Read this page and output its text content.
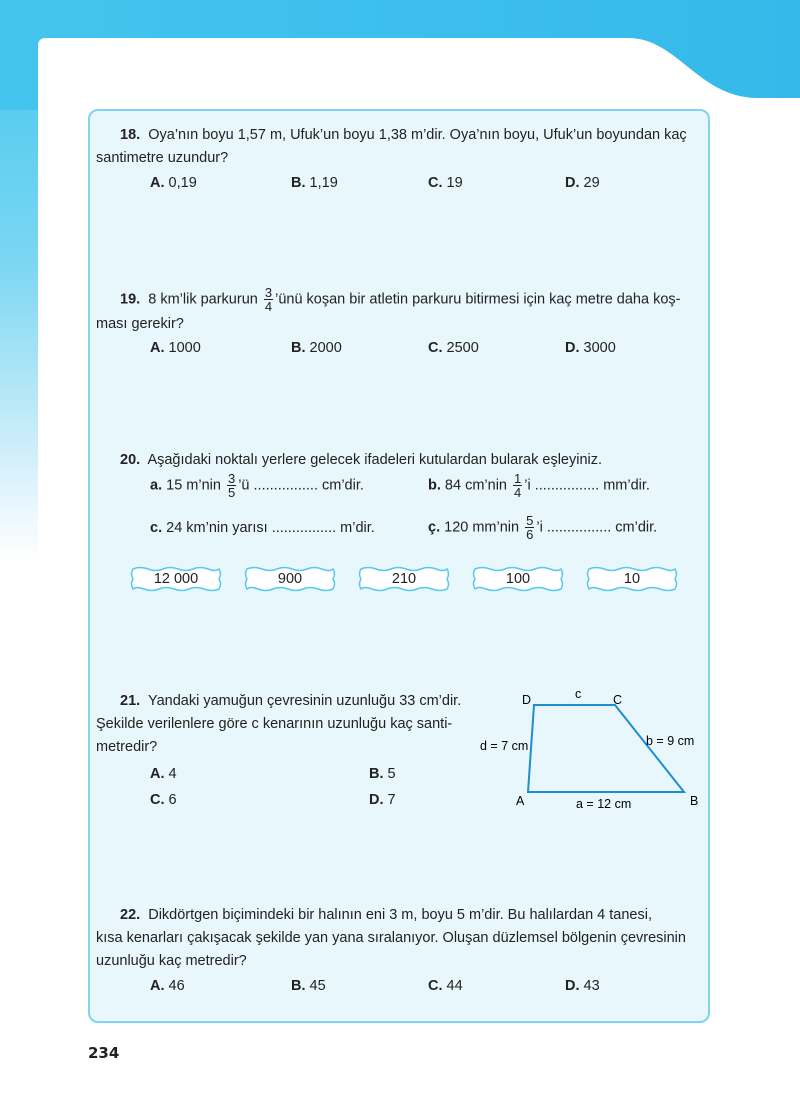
18. Oya’nın boyu 1,57 m, Ufuk’un boyu 1,38 m’dir. Oya’nın boyu, Ufuk’un boyundan kaç
santimetre uzundur?
A. 0,19	B. 1,19	C. 19	D. 29
19. 8 km’lik parkurun $\frac{3}{4}$ ’ünü koşan bir atletin parkuru bitirmesi için kaç metre daha koş-
ması gerekir?
A. 1000	B. 2000	C. 2500	D. 3000
20. Aşağıdaki noktalı yerlere gelecek ifadeleri kutulardan bularak eşleyiniz.
a. 15 m’nin $\frac{3}{5}$ ’ü ................ cm’dir.	b. 84 cm’nin $\frac{1}{4}$ ’i ................ mm’dir.
c. 24 km’nin yarısı ................ m’dir.	ç. 120 mm’nin $\frac{5}{6}$ ’i ................ cm’dir.
12 000	900	210	100	10
21. Yandaki yamuğun çevresinin uzunluğu 33 cm’dir.
Şekilde verilenlere göre c kenarının uzunluğu kaç santi-
metredir?
A. 4	B. 5
C. 6	D. 7
D	C
A	B
c
d = 7 cm	b = 9 cm
a = 12 cm
22. Dikdörtgen biçimindeki bir halının eni 3 m, boyu 5 m’dir. Bu halılardan 4 tanesi,
kısa kenarları çakışacak şekilde yan yana sıralanıyor. Oluşan düzlemsel bölgenin çevresinin
uzunluğu kaç metredir?
A. 46	B. 45	C. 44	D. 43
234
